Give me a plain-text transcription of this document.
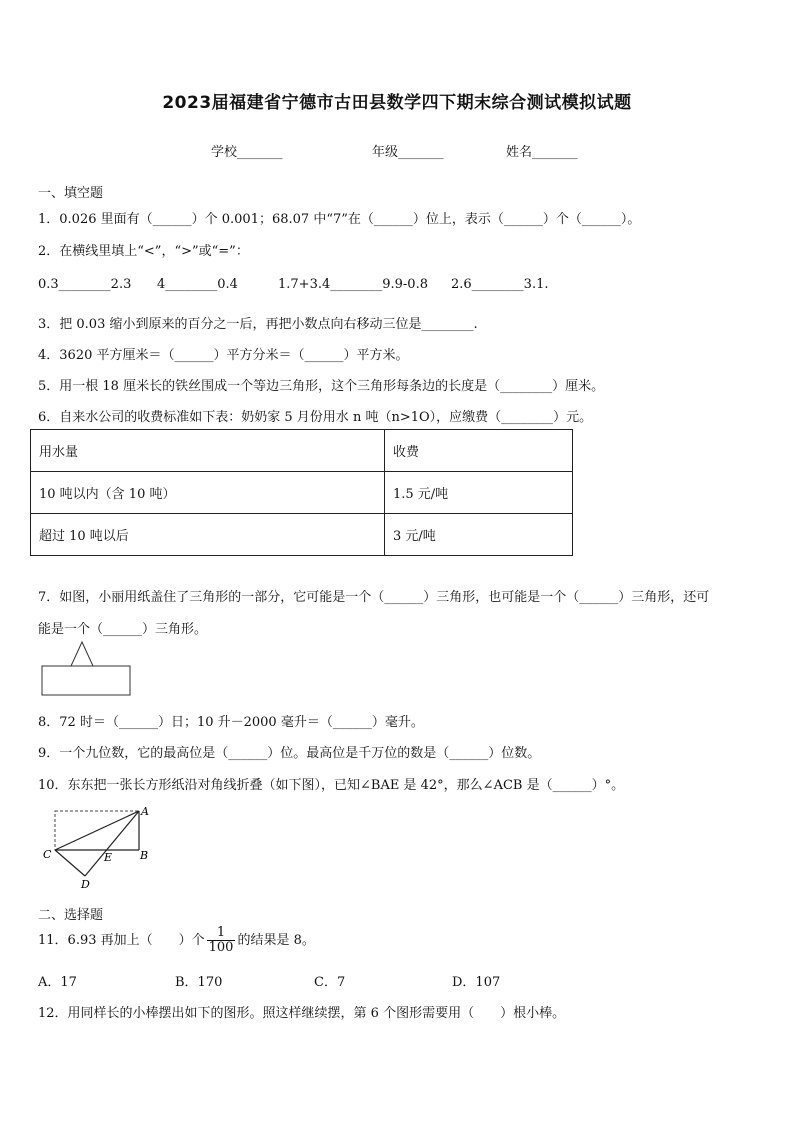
2023届福建省宁德市古田县数学四下期末综合测试模拟试题
学校_______	年级_______	姓名_______
一、填空题
1．0.026 里面有（______）个 0.001；68.07 中“7”在（______）位上，表示（______）个（______）。
2．在横线里填上“<”，“>”或“=”：
0.3________2.3 4________0.4	1.7+3.4________9.9-0.8 2.6________3.1.
3．把 0.03 缩小到原来的百分之一后，再把小数点向右移动三位是________.
4．3620 平方厘米＝（______）平方分米＝（______）平方米。
5．用一根 18 厘米长的铁丝围成一个等边三角形，这个三角形每条边的长度是（________）厘米。
6．自来水公司的收费标准如下表：奶奶家 5 月份用水 n 吨（n>1O），应缴费（________）元。
用水量	收费
10 吨以内（含 10 吨）	1.5 元/吨
超过 10 吨以后	3 元/吨
7．如图，小丽用纸盖住了三角形的一部分，它可能是一个（______）三角形，也可能是一个（______）三角形，还可
能是一个（______）三角形。
8．72 时＝（______）日；10 升－2000 毫升＝（______）毫升。
9．一个九位数，它的最高位是（______）位。最高位是千万位的数是（______）位数。
10．东东把一张长方形纸沿对角线折叠（如下图），已知∠BAE 是 42°，那么∠ACB 是（______）°。
A
B
C
D
E
二、选择题
11．6.93 再加上（　　）个 $\frac{1}{100}$ 的结果是 8。
A．17	B．170	C．7	D．107
12．用同样长的小棒摆出如下的图形。照这样继续摆，第 6 个图形需要用（　　）根小棒。
